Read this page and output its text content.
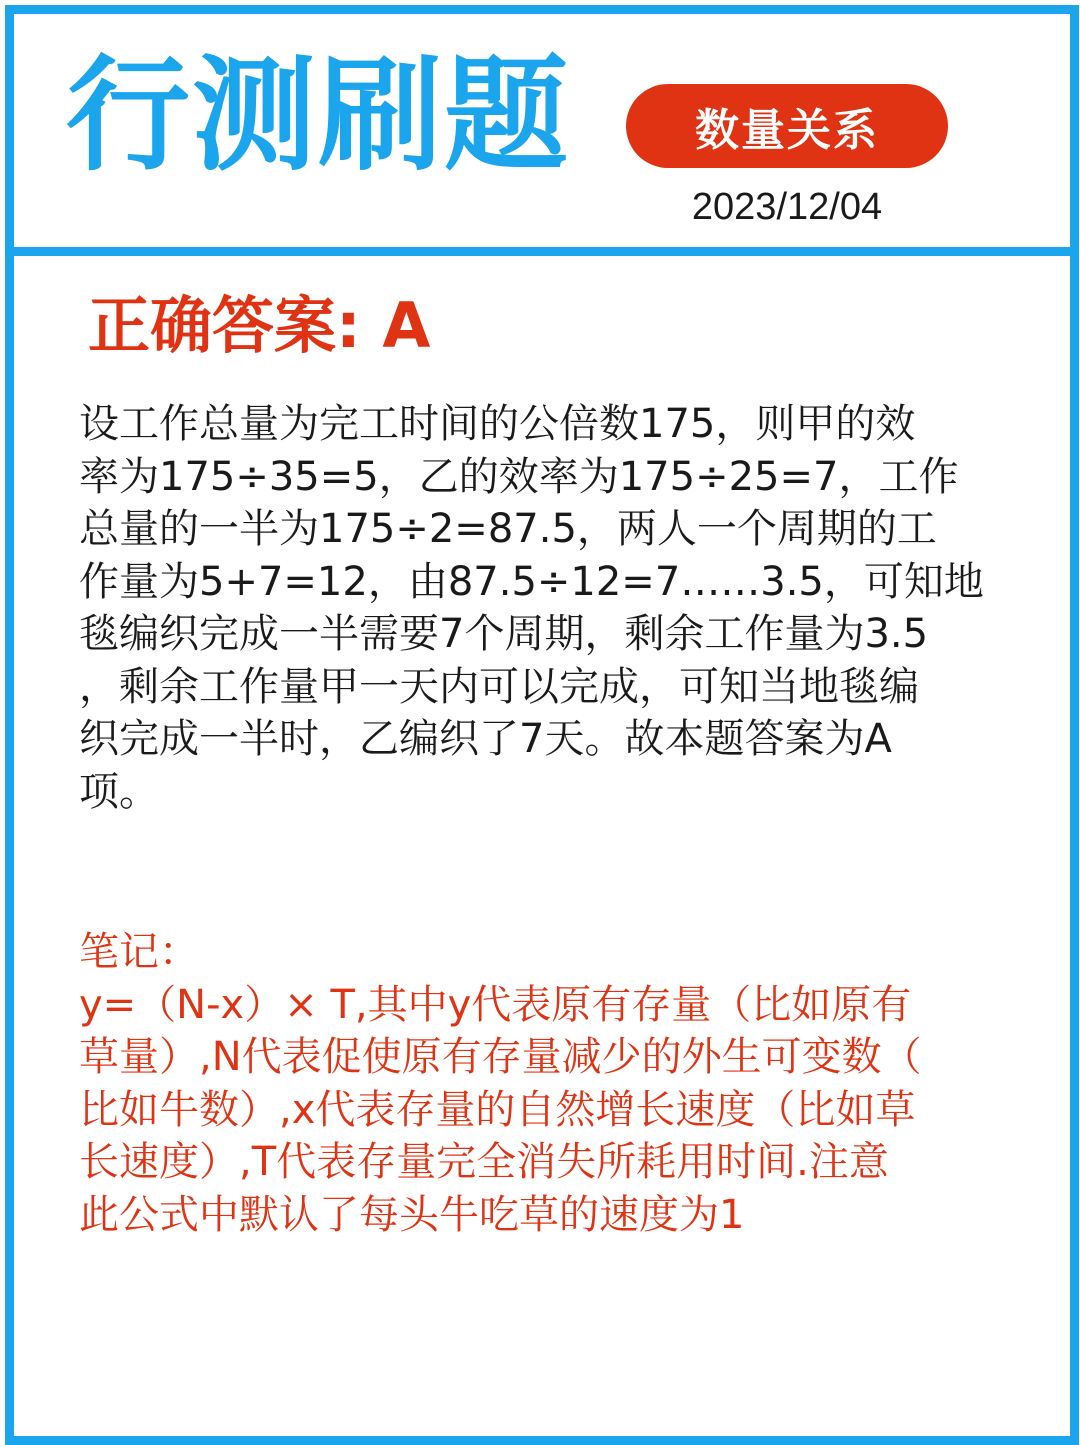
行测刷题	数量关系
2023/12/04
正确答案: A
设工作总量为完工时间的公倍数175，则甲的效
率为175÷35=5，乙的效率为175÷25=7，工作
总量的一半为175÷2=87.5，两人一个周期的工
作量为5+7=12，由87.5÷12=7……3.5，可知地
毯编织完成一半需要7个周期，剩余工作量为3.5
，剩余工作量甲一天内可以完成，可知当地毯编
织完成一半时，乙编织了7天。故本题答案为A
项。
笔记：
y=（N-x）× T,其中y代表原有存量（比如原有
草量）,N代表促使原有存量减少的外生可变数（
比如牛数）,x代表存量的自然增长速度（比如草
长速度）,T代表存量完全消失所耗用时间.注意
此公式中默认了每头牛吃草的速度为1
